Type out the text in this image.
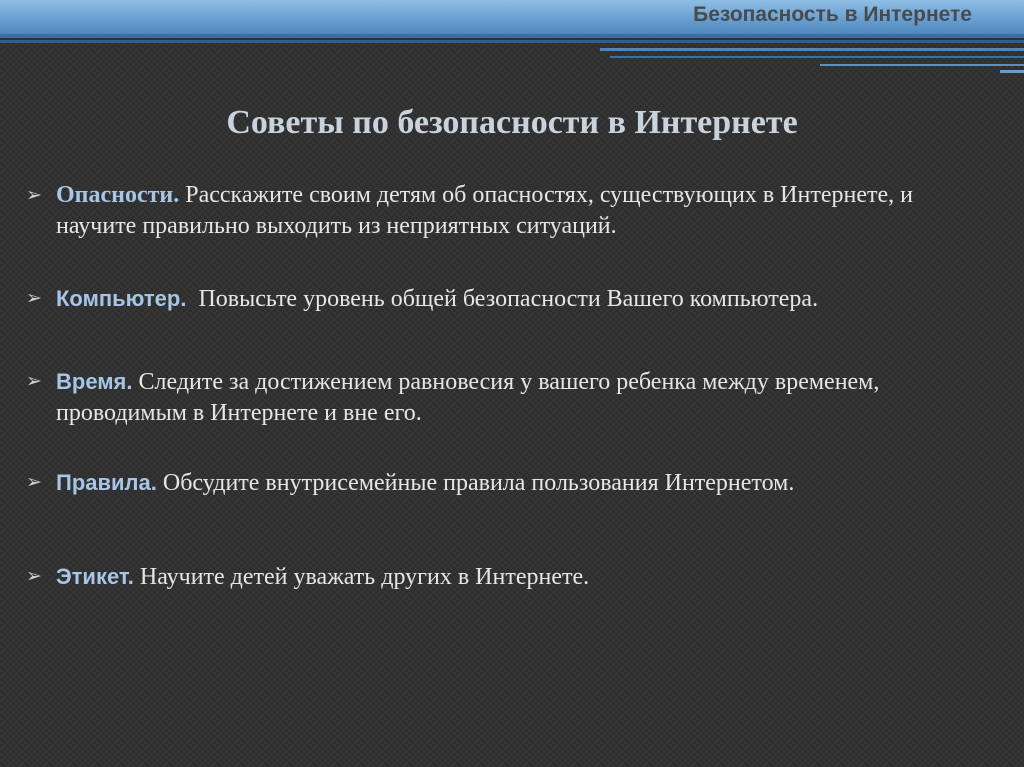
Безопасность в Интернете
Советы по безопасности в Интернете
➢ Опасности. Расскажите своим детям об опасностях, существующих в Интернете, и научите правильно выходить из неприятных ситуаций.
➢ Компьютер.  Повысьте уровень общей безопасности Вашего компьютера.
➢ Время. Следите за достижением равновесия у вашего ребенка между временем, проводимым в Интернете и вне его.
➢ Правила. Обсудите внутрисемейные правила пользования Интернетом.
➢ Этикет. Научите детей уважать других в Интернете.
